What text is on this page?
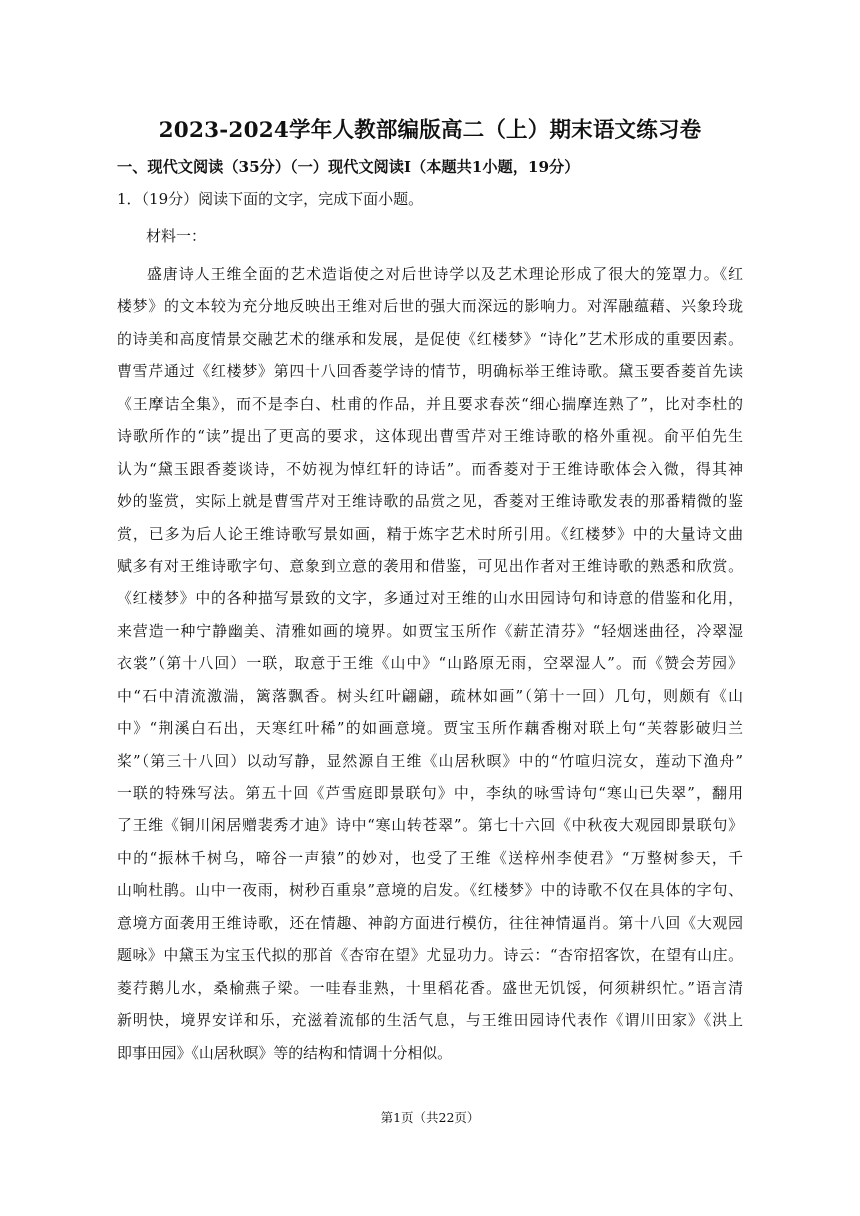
2023-2024学年人教部编版高二（上）期末语文练习卷
一、现代文阅读（35分）（一）现代文阅读Ⅰ（本题共1小题，19分）
1．（19分）阅读下面的文字，完成下面小题。
材料一：
盛唐诗人王维全面的艺术造诣使之对后世诗学以及艺术理论形成了很大的笼罩力。《红
楼梦》的文本较为充分地反映出王维对后世的强大而深远的影响力。对浑融蕴藉、兴象玲珑
的诗美和高度情景交融艺术的继承和发展，是促使《红楼梦》“诗化”艺术形成的重要因素。
曹雪芹通过《红楼梦》第四十八回香菱学诗的情节，明确标举王维诗歌。黛玉要香菱首先读
《王摩诘全集》，而不是李白、杜甫的作品，并且要求春茨“细心揣摩连熟了”，比对李杜的
诗歌所作的“读”提出了更高的要求，这体现出曹雪芹对王维诗歌的格外重视。俞平伯先生
认为“黛玉跟香菱谈诗，不妨视为悼红轩的诗话”。而香菱对于王维诗歌体会入微，得其神
妙的鉴赏，实际上就是曹雪芹对王维诗歌的品赏之见，香菱对王维诗歌发表的那番精微的鉴
赏，已多为后人论王维诗歌写景如画，精于炼字艺术时所引用。《红楼梦》中的大量诗文曲
赋多有对王维诗歌字句、意象到立意的袭用和借鉴，可见出作者对王维诗歌的熟悉和欣赏。
《红楼梦》中的各种描写景致的文字，多通过对王维的山水田园诗句和诗意的借鉴和化用，
来营造一种宁静幽美、清雅如画的境界。如贾宝玉所作《薪芷清芬》“轻烟迷曲径，冷翠湿
衣裳”（第十八回）一联，取意于王维《山中》“山路原无雨，空翠湿人”。而《赞会芳园》
中“石中清流激湍，篱落飘香。树头红叶翩翩，疏林如画”（第十一回）几句，则颇有《山
中》“荆溪白石出，天寒红叶稀”的如画意境。贾宝玉所作藕香榭对联上句“芙蓉影破归兰
桨”（第三十八回）以动写静，显然源自王维《山居秋暝》中的“竹喧归浣女，莲动下渔舟”
一联的特殊写法。第五十回《芦雪庭即景联句》中，李纨的咏雪诗句“寒山已失翠”，翻用
了王维《铜川闲居赠裴秀才迪》诗中“寒山转苍翠”。第七十六回《中秋夜大观园即景联句》
中的“振林千树乌，啼谷一声猿”的妙对，也受了王维《送梓州李使君》“万整树参天，千
山响杜鹃。山中一夜雨，树秒百重泉”意境的启发。《红楼梦》中的诗歌不仅在具体的字句、
意境方面袭用王维诗歌，还在情趣、神韵方面进行模仿，往往神情逼肖。第十八回《大观园
题咏》中黛玉为宝玉代拟的那首《杏帘在望》尤显功力。诗云：“杏帘招客饮，在望有山庄。
菱荇鹅儿水，桑榆燕子梁。一哇春韭熟，十里稻花香。盛世无饥馁，何须耕织忙。”语言清
新明快，境界安详和乐，充滋着流郁的生活气息，与王维田园诗代表作《谓川田家》《洪上
即事田园》《山居秋暝》等的结构和情调十分相似。
第1页（共22页）
